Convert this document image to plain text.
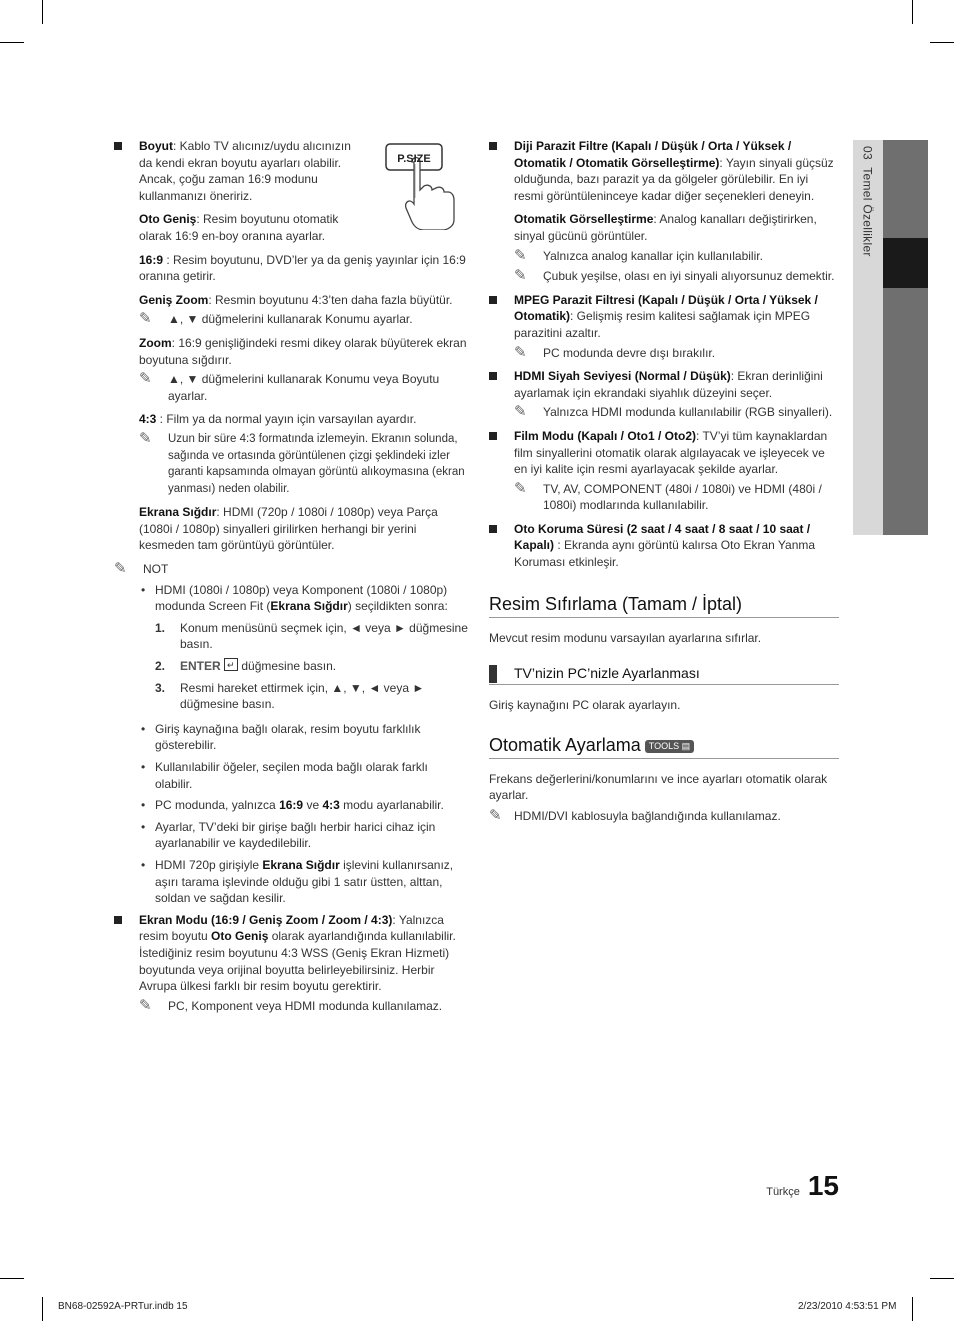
P.SIZE
Boyut: Kablo TV alıcınız/uydu alıcınızın da kendi ekran boyutu ayarları olabilir. Ancak, çoğu zaman 16:9 modunu kullanmanızı öneririz.
Oto Geniş: Resim boyutunu otomatik olarak 16:9 en-boy oranına ayarlar.
16:9 : Resim boyutunu, DVD’ler ya da geniş yayınlar için 16:9 oranına getirir.
Geniş Zoom: Resmin boyutunu 4:3’ten daha fazla büyütür.
✎ ▲, ▼ düğmelerini kullanarak Konumu ayarlar.
Zoom: 16:9 genişliğindeki resmi dikey olarak büyüterek ekran boyutuna sığdırır.
✎ ▲, ▼ düğmelerini kullanarak Konumu veya Boyutu ayarlar.
4:3 : Film ya da normal yayın için varsayılan ayardır.
✎ Uzun bir süre 4:3 formatında izlemeyin. Ekranın solunda, sağında ve ortasında görüntülenen çizgi şeklindeki izler garanti kapsamında olmayan görüntü alıkoymasına (ekran yanması) neden olabilir.
Ekrana Sığdır: HDMI (720p / 1080i / 1080p) veya Parça (1080i / 1080p) sinyalleri girilirken herhangi bir yerini kesmeden tam görüntüyü görüntüler.
✎ NOT
• HDMI (1080i / 1080p) veya Komponent (1080i / 1080p) modunda Screen Fit (Ekrana Sığdır) seçildikten sonra:
1. Konum menüsünü seçmek için, ◄ veya ► düğmesine basın.
2. ENTER ↵ düğmesine basın.
3. Resmi hareket ettirmek için, ▲, ▼, ◄ veya ► düğmesine basın.
• Giriş kaynağına bağlı olarak, resim boyutu farklılık gösterebilir.
• Kullanılabilir öğeler, seçilen moda bağlı olarak farklı olabilir.
• PC modunda, yalnızca 16:9 ve 4:3 modu ayarlanabilir.
• Ayarlar, TV’deki bir girişe bağlı herbir harici cihaz için ayarlanabilir ve kaydedilebilir.
• HDMI 720p girişiyle Ekrana Sığdır işlevini kullanırsanız, aşırı tarama işlevinde olduğu gibi 1 satır üstten, alttan, soldan ve sağdan kesilir.
Ekran Modu (16:9 / Geniş Zoom / Zoom / 4:3): Yalnızca resim boyutu Oto Geniş olarak ayarlandığında kullanılabilir. İstediğiniz resim boyutunu 4:3 WSS (Geniş Ekran Hizmeti) boyutunda veya orijinal boyutta belirleyebilirsiniz. Herbir Avrupa ülkesi farklı bir resim boyutu gerektirir.
✎ PC, Komponent veya HDMI modunda kullanılamaz.
Diji Parazit Filtre (Kapalı / Düşük / Orta / Yüksek / Otomatik / Otomatik Görselleştirme): Yayın sinyali güçsüz olduğunda, bazı parazit ya da gölgeler görülebilir. En iyi resmi görüntüleninceye kadar diğer seçenekleri deneyin.
Otomatik Görselleştirme: Analog kanalları değiştirirken, sinyal gücünü görüntüler.
✎ Yalnızca analog kanallar için kullanılabilir.
✎ Çubuk yeşilse, olası en iyi sinyali alıyorsunuz demektir.
MPEG Parazit Filtresi (Kapalı / Düşük / Orta / Yüksek / Otomatik): Gelişmiş resim kalitesi sağlamak için MPEG parazitini azaltır.
✎ PC modunda devre dışı bırakılır.
HDMI Siyah Seviyesi (Normal / Düşük): Ekran derinliğini ayarlamak için ekrandaki siyahlık düzeyini seçer.
✎ Yalnızca HDMI modunda kullanılabilir (RGB sinyalleri).
Film Modu (Kapalı / Oto1 / Oto2): TV’yi tüm kaynaklardan film sinyallerini otomatik olarak algılayacak ve işleyecek ve en iyi kalite için resmi ayarlayacak şekilde ayarlar.
✎ TV, AV, COMPONENT (480i / 1080i) ve HDMI (480i / 1080i) modlarında kullanılabilir.
Oto Koruma Süresi (2 saat / 4 saat / 8 saat / 10 saat / Kapalı) : Ekranda aynı görüntü kalırsa Oto Ekran Yanma Koruması etkinleşir.
Resim Sıfırlama (Tamam / İptal)
Mevcut resim modunu varsayılan ayarlarına sıfırlar.
TV’nizin PC’nizle Ayarlanması
Giriş kaynağını PC olarak ayarlayın.
Otomatik Ayarlama TOOLS ▤
Frekans değerlerini/konumlarını ve ince ayarları otomatik olarak ayarlar.
✎ HDMI/DVI kablosuyla bağlandığında kullanılamaz.
03  Temel Özellikler
Türkçe 15
BN68-02592A-PRTur.indb 15	2/23/2010 4:53:51 PM
